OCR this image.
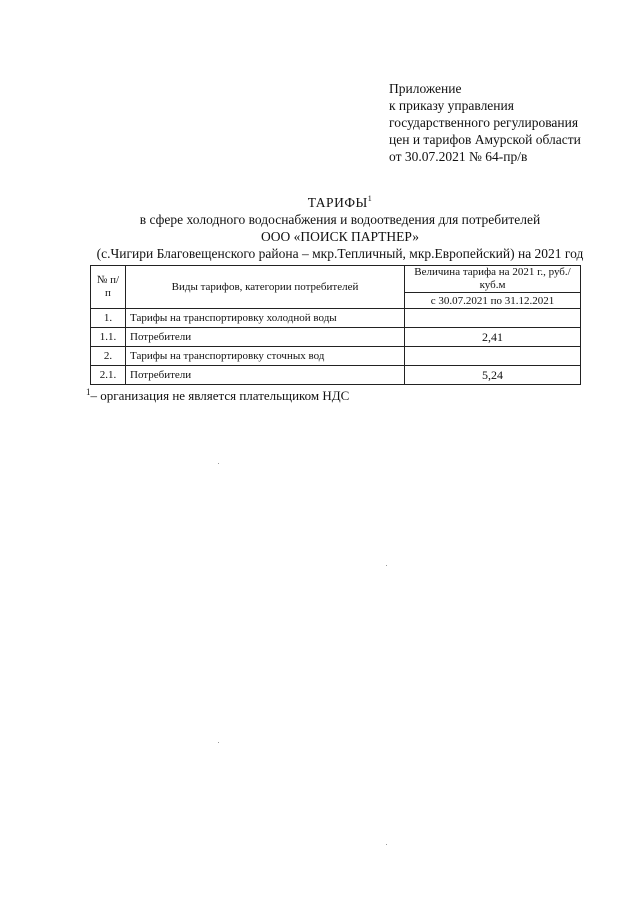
Приложение
к приказу управления
государственного регулирования
цен и тарифов Амурской области
от 30.07.2021 № 64-пр/в
ТАРИФЫ$^1$
в сфере холодного водоснабжения и водоотведения для потребителей
ООО «ПОИСК ПАРТНЕР»
(с.Чигири Благовещенского района – мкр.Тепличный, мкр.Европейский) на 2021 год
№ п/п	Виды тарифов, категории потребителей	Величина тарифа на 2021 г., руб./куб.м
		с 30.07.2021 по 31.12.2021
1.	Тарифы на транспортировку холодной воды	
1.1.	Потребители	2,41
2.	Тарифы на транспортировку сточных вод	
2.1.	Потребители	5,24
$^1$– организация не является плательщиком НДС
